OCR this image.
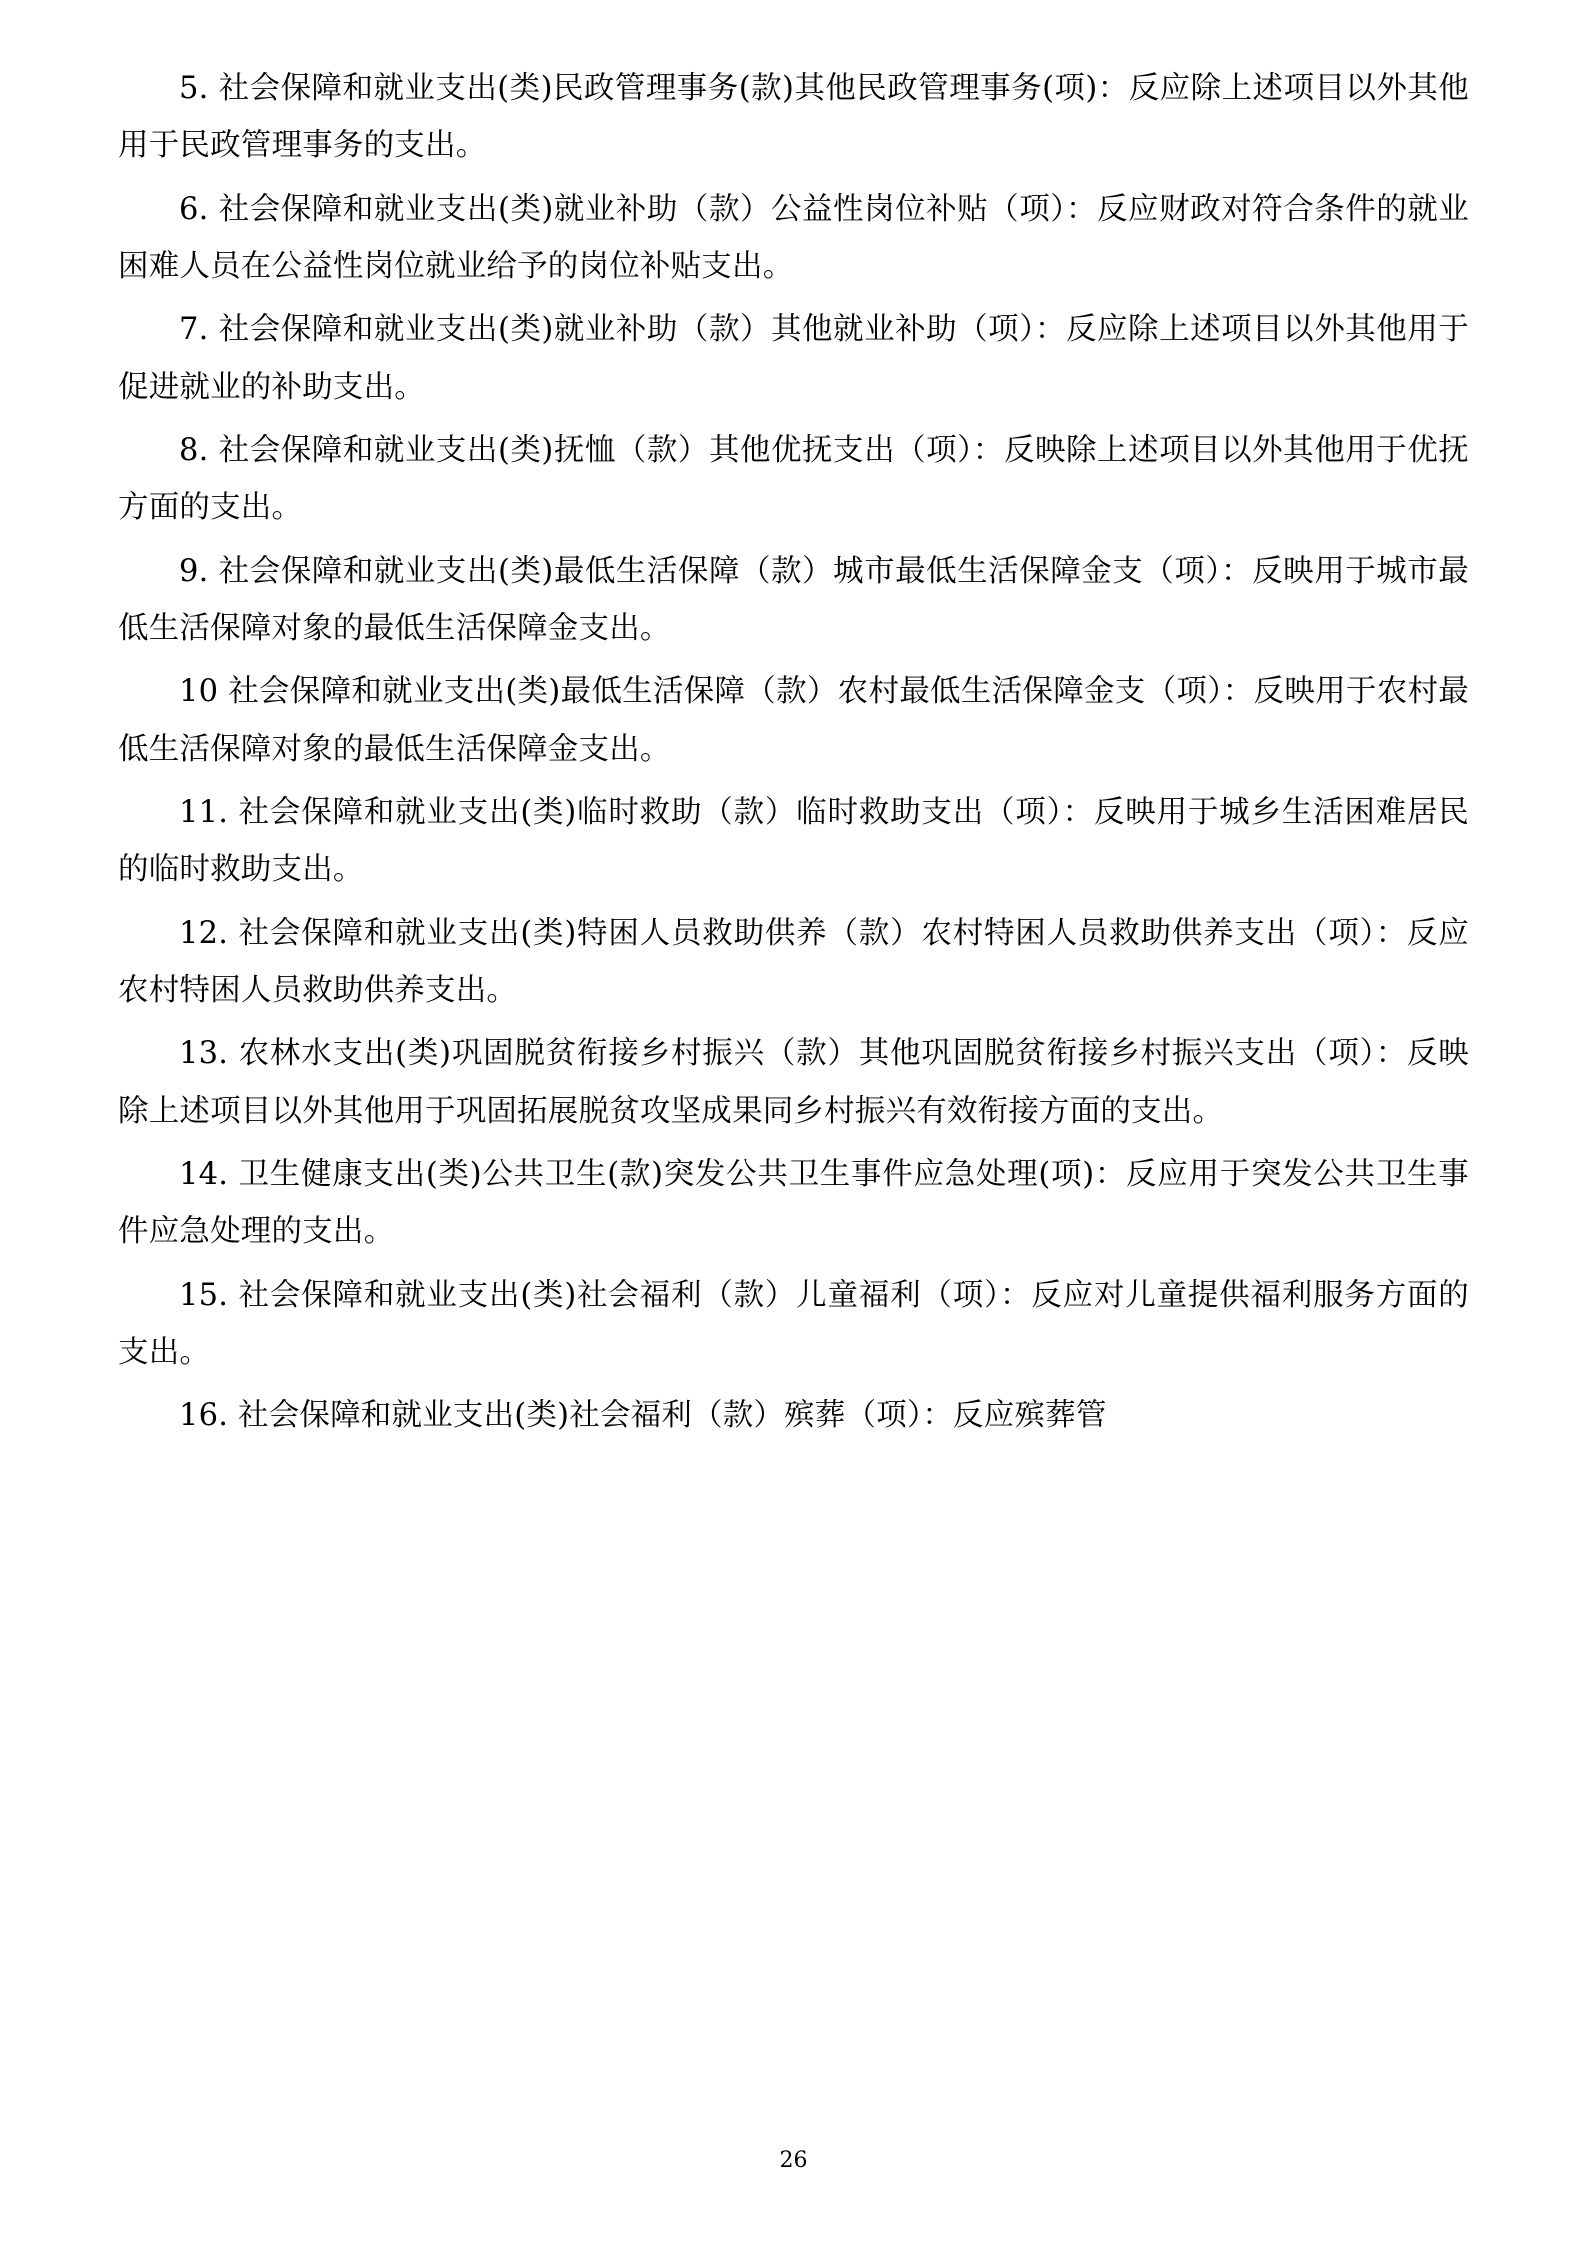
5. 社会保障和就业支出(类)民政管理事务(款)其他民政管理事务(项)：反应除上述项目以外其他用于民政管理事务的支出。

6. 社会保障和就业支出(类)就业补助（款）公益性岗位补贴（项）：反应财政对符合条件的就业困难人员在公益性岗位就业给予的岗位补贴支出。

7. 社会保障和就业支出(类)就业补助（款）其他就业补助（项）：反应除上述项目以外其他用于促进就业的补助支出。

8. 社会保障和就业支出(类)抚恤（款）其他优抚支出（项）：反映除上述项目以外其他用于优抚方面的支出。

9. 社会保障和就业支出(类)最低生活保障（款）城市最低生活保障金支（项）：反映用于城市最低生活保障对象的最低生活保障金支出。

10 社会保障和就业支出(类)最低生活保障（款）农村最低生活保障金支（项）：反映用于农村最低生活保障对象的最低生活保障金支出。

11. 社会保障和就业支出(类)临时救助（款）临时救助支出（项）：反映用于城乡生活困难居民的临时救助支出。

12. 社会保障和就业支出(类)特困人员救助供养（款）农村特困人员救助供养支出（项）：反应农村特困人员救助供养支出。

13. 农林水支出(类)巩固脱贫衔接乡村振兴（款）其他巩固脱贫衔接乡村振兴支出（项）：反映除上述项目以外其他用于巩固拓展脱贫攻坚成果同乡村振兴有效衔接方面的支出。

14. 卫生健康支出(类)公共卫生(款)突发公共卫生事件应急处理(项)：反应用于突发公共卫生事件应急处理的支出。

15. 社会保障和就业支出(类)社会福利（款）儿童福利（项）：反应对儿童提供福利服务方面的支出。

16. 社会保障和就业支出(类)社会福利（款）殡葬（项）：反应殡葬管

26
